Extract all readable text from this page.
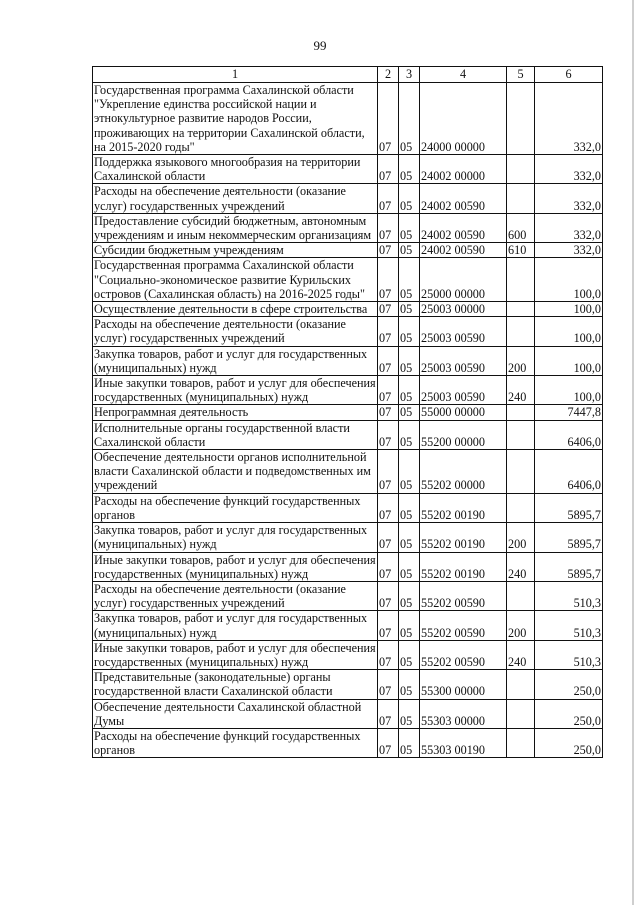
99
1	2	3	4	5	6
Государственная программа Сахалинской области "Укрепление единства российской нации и этнокультурное развитие народов России, проживающих на территории Сахалинской области, на 2015-2020 годы"	07	05	24000 00000		332,0
Поддержка языкового многообразия на территории Сахалинской области	07	05	24002 00000		332,0
Расходы на обеспечение деятельности (оказание услуг) государственных учреждений	07	05	24002 00590		332,0
Предоставление субсидий бюджетным, автономным учреждениям и иным некоммерческим организациям	07	05	24002 00590	600	332,0
Субсидии бюджетным учреждениям	07	05	24002 00590	610	332,0
Государственная программа Сахалинской области "Социально-экономическое развитие Курильских островов (Сахалинская область) на 2016-2025 годы"	07	05	25000 00000		100,0
Осуществление деятельности в сфере строительства	07	05	25003 00000		100,0
Расходы на обеспечение деятельности (оказание услуг) государственных учреждений	07	05	25003 00590		100,0
Закупка товаров, работ и услуг для государственных (муниципальных) нужд	07	05	25003 00590	200	100,0
Иные закупки товаров, работ и услуг для обеспечения государственных (муниципальных) нужд	07	05	25003 00590	240	100,0
Непрограммная деятельность	07	05	55000 00000		7447,8
Исполнительные органы государственной власти Сахалинской области	07	05	55200 00000		6406,0
Обеспечение деятельности органов исполнительной власти Сахалинской области и подведомственных им учреждений	07	05	55202 00000		6406,0
Расходы на обеспечение функций государственных органов	07	05	55202 00190		5895,7
Закупка товаров, работ и услуг для государственных (муниципальных) нужд	07	05	55202 00190	200	5895,7
Иные закупки товаров, работ и услуг для обеспечения государственных (муниципальных) нужд	07	05	55202 00190	240	5895,7
Расходы на обеспечение деятельности (оказание услуг) государственных учреждений	07	05	55202 00590		510,3
Закупка товаров, работ и услуг для государственных (муниципальных) нужд	07	05	55202 00590	200	510,3
Иные закупки товаров, работ и услуг для обеспечения государственных (муниципальных) нужд	07	05	55202 00590	240	510,3
Представительные (законодательные) органы государственной власти Сахалинской области	07	05	55300 00000		250,0
Обеспечение деятельности Сахалинской областной Думы	07	05	55303 00000		250,0
Расходы на обеспечение функций государственных органов	07	05	55303 00190		250,0
